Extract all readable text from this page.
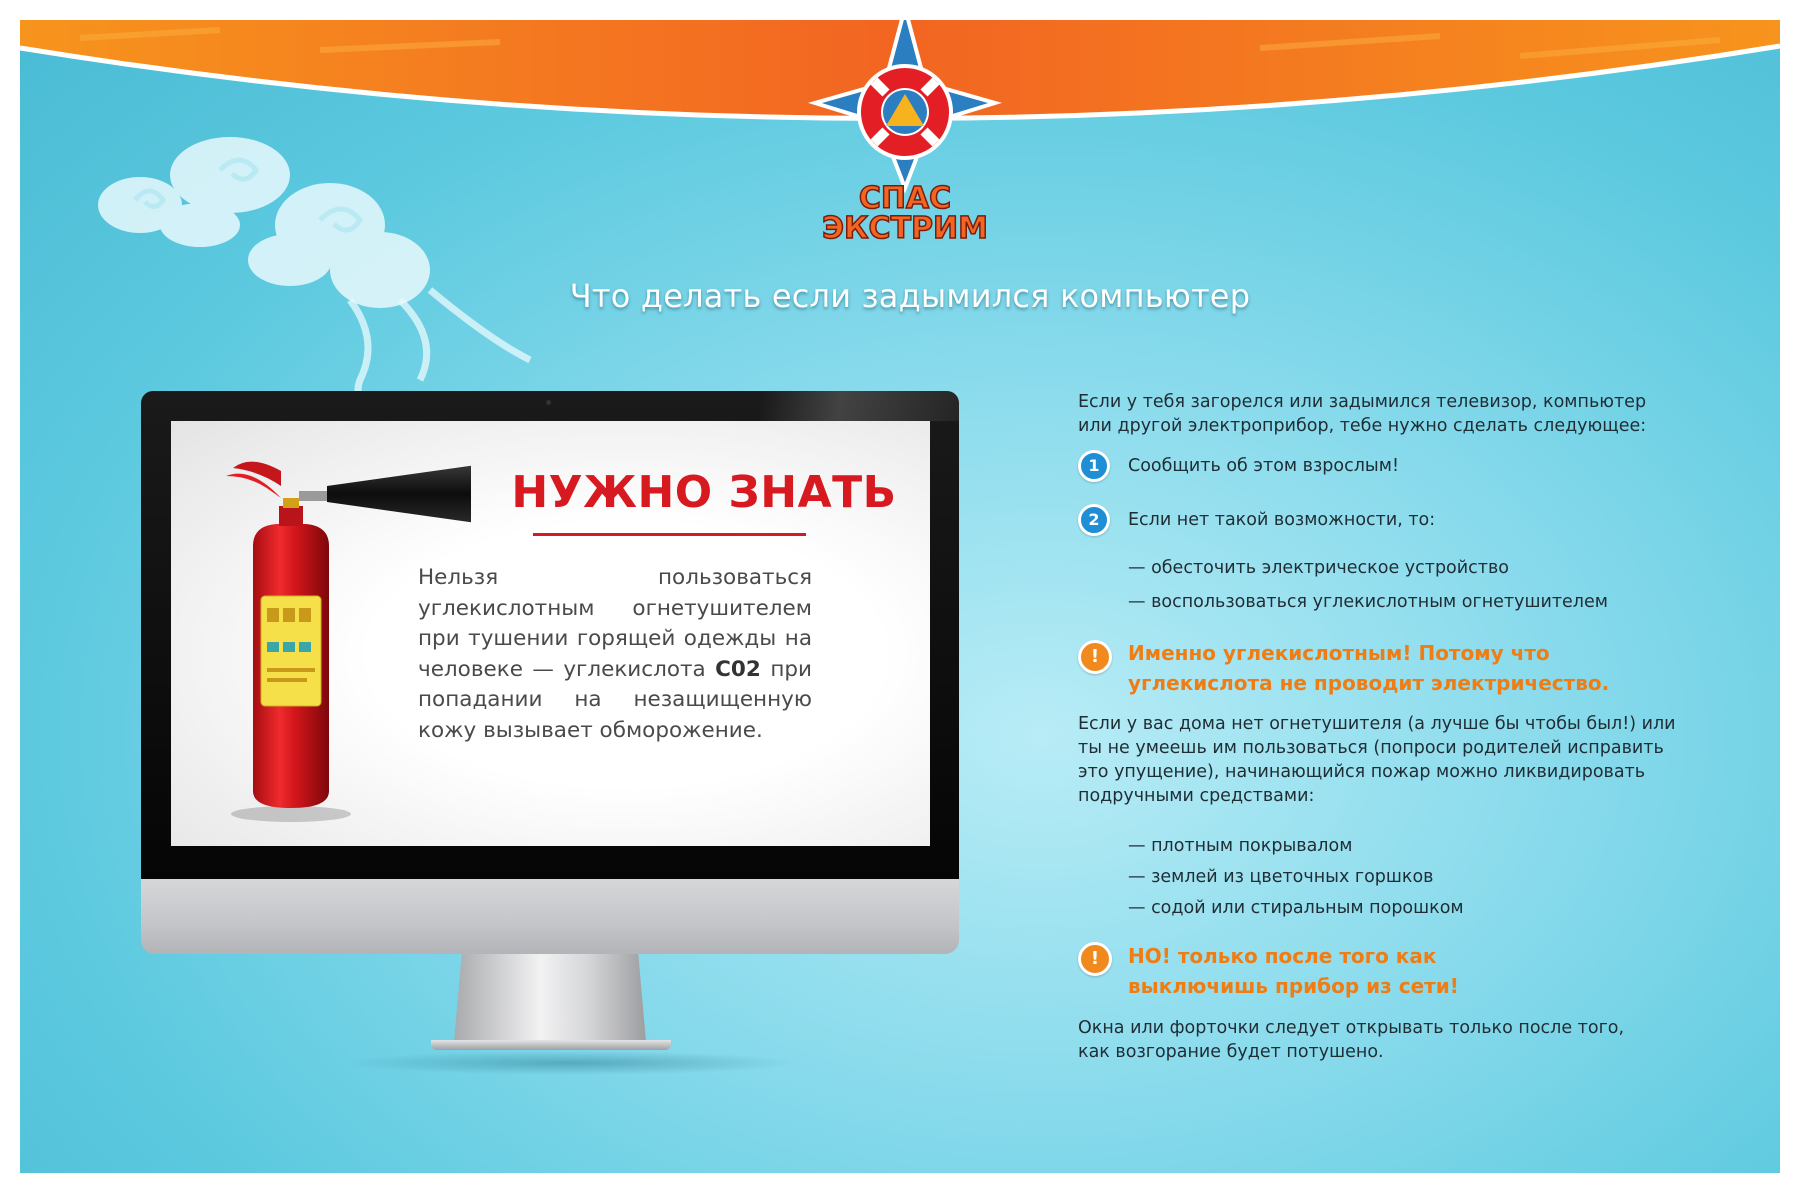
СПАС
ЭКСТРИМ
Что делать если задымился компьютер
НУЖНО ЗНАТЬ
Нельзя пользоваться углекислотным огнетушителем при тушении горящей одежды на человеке — углекислота C02 при попадании на незащищенную кожу вызывает обморожение.

Если у тебя загорелся или задымился телевизор, компьютер
или другой электроприбор, тебе нужно сделать следующее:

1	Сообщить об этом взрослым!
2	Если нет такой возможности, то:
— обесточить электрическое устройство
— воспользоваться углекислотным огнетушителем
!	Именно углекислотным! Потому что
углекислота не проводит электричество.

Если у вас дома нет огнетушителя (а лучше бы чтобы был!) или
ты не умеешь им пользоваться (попроси родителей исправить
это упущение), начинающийся пожар можно ликвидировать
подручными средствами:

— плотным покрывалом
— землей из цветочных горшков
— содой или стиральным порошком
!	НО! только после того как
выключишь прибор из сети!

Окна или форточки следует открывать только после того,
как возгорание будет потушено.
